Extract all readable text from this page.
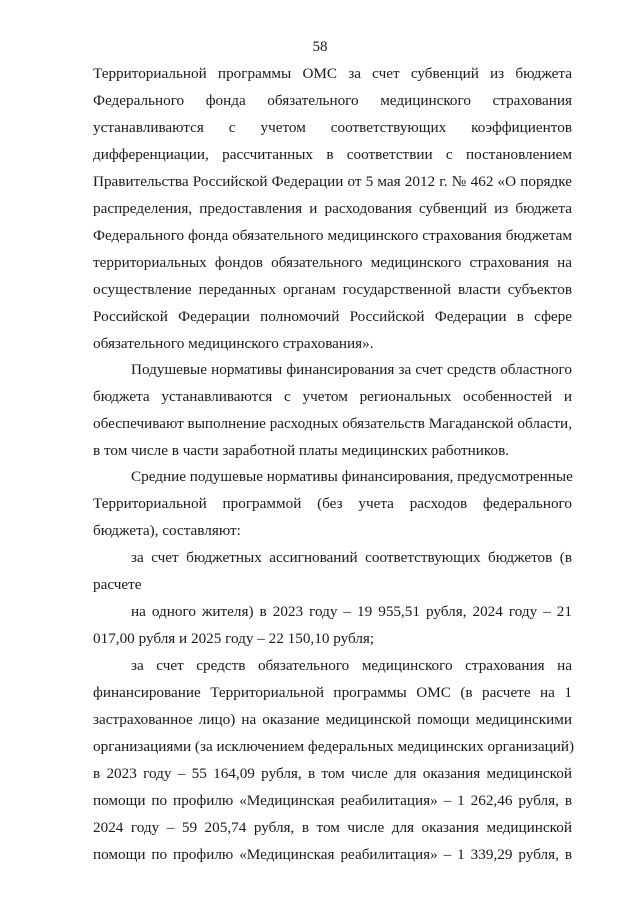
58
Территориальной программы ОМС за счет субвенций из бюджета
Федерального фонда обязательного медицинского страхования
устанавливаются с учетом соответствующих коэффициентов
дифференциации, рассчитанных в соответствии с постановлением
Правительства Российской Федерации от 5 мая 2012 г. № 462 «О порядке
распределения, предоставления и расходования субвенций из бюджета
Федерального фонда обязательного медицинского страхования бюджетам
территориальных фондов обязательного медицинского страхования на
осуществление переданных органам государственной власти субъектов
Российской Федерации полномочий Российской Федерации в сфере
обязательного медицинского страхования».
Подушевые нормативы финансирования за счет средств областного
бюджета устанавливаются с учетом региональных особенностей и
обеспечивают выполнение расходных обязательств Магаданской области,
в том числе в части заработной платы медицинских работников.
Средние подушевые нормативы финансирования, предусмотренные
Территориальной программой (без учета расходов федерального
бюджета), составляют:
за счет бюджетных ассигнований соответствующих бюджетов (в
расчете
на одного жителя) в 2023 году – 19 955,51 рубля, 2024 году – 21
017,00 рубля и 2025 году – 22 150,10 рубля;
за счет средств обязательного медицинского страхования на
финансирование Территориальной программы ОМС (в расчете на 1
застрахованное лицо) на оказание медицинской помощи медицинскими
организациями (за исключением федеральных медицинских организаций)
в 2023 году – 55 164,09 рубля, в том числе для оказания медицинской
помощи по профилю «Медицинская реабилитация» – 1 262,46 рубля, в
2024 году – 59 205,74 рубля, в том числе для оказания медицинской
помощи по профилю «Медицинская реабилитация» – 1 339,29 рубля, в
